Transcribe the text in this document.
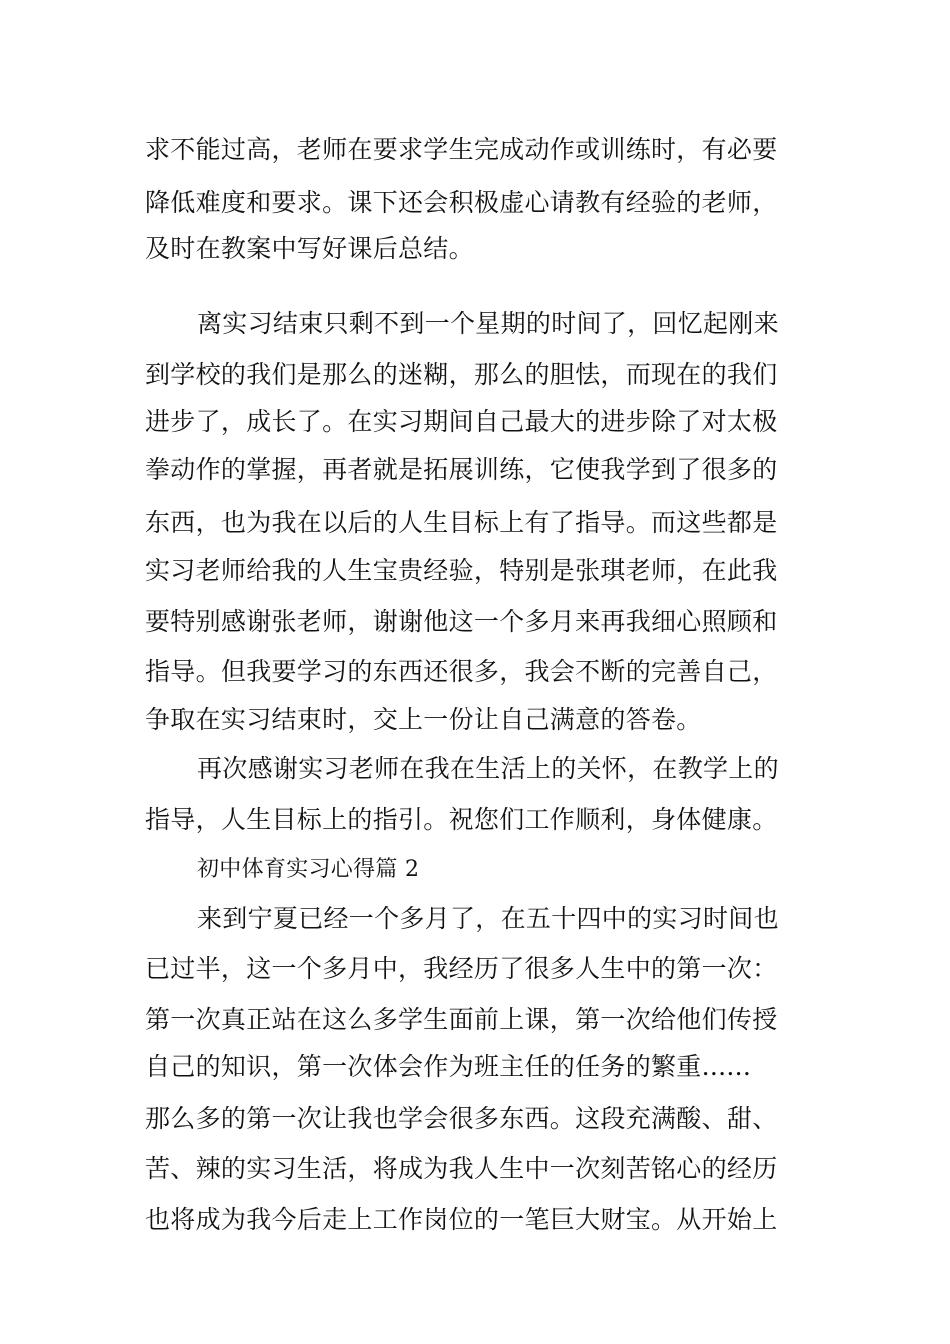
求不能过高，老师在要求学生完成动作或训练时，有必要
降低难度和要求。课下还会积极虚心请教有经验的老师，
及时在教案中写好课后总结。
离实习结束只剩不到一个星期的时间了，回忆起刚来
到学校的我们是那么的迷糊，那么的胆怯，而现在的我们
进步了，成长了。在实习期间自己最大的进步除了对太极
拳动作的掌握，再者就是拓展训练，它使我学到了很多的
东西，也为我在以后的人生目标上有了指导。而这些都是
实习老师给我的人生宝贵经验，特别是张琪老师，在此我
要特别感谢张老师，谢谢他这一个多月来再我细心照顾和
指导。但我要学习的东西还很多，我会不断的完善自己，
争取在实习结束时，交上一份让自己满意的答卷。
再次感谢实习老师在我在生活上的关怀，在教学上的
指导，人生目标上的指引。祝您们工作顺利，身体健康。
初中体育实习心得篇 2
来到宁夏已经一个多月了，在五十四中的实习时间也
已过半，这一个多月中，我经历了很多人生中的第一次：
第一次真正站在这么多学生面前上课，第一次给他们传授
自己的知识，第一次体会作为班主任的任务的繁重......
那么多的第一次让我也学会很多东西。这段充满酸、甜、
苦、辣的实习生活，将成为我人生中一次刻苦铭心的经历
也将成为我今后走上工作岗位的一笔巨大财宝。从开始上
